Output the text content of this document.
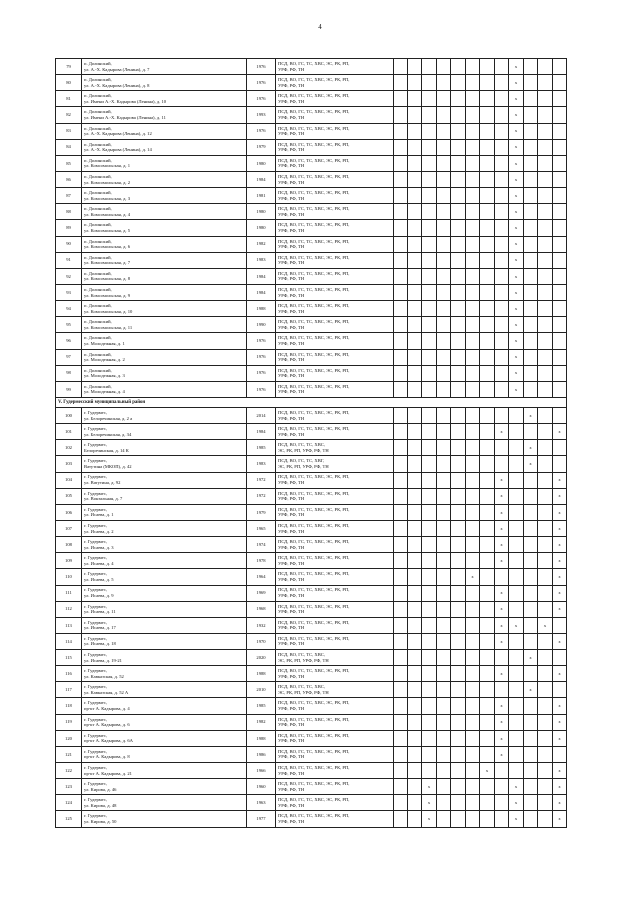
4
79	п. Долинский,
ул. А.-Х. Кадырова (Ленина), д. 7	1976	ПСД, ВО, ГС, ТС, ХВС, ЭС, РК, РП,
УРФ, РФ, ТН									x			
80	п. Долинский,
ул. А.-Х. Кадырова (Ленина), д. 8	1976	ПСД, ВО, ГС, ТС, ХВС, ЭС, РК, РП,
УРФ, РФ, ТН									x			
81	п. Долинский,
ул. Имени А.-Х. Кадырова (Ленина), д. 10	1976	ПСД, ВО, ГС, ТС, ХВС, ЭС, РК, РП,
УРФ, РФ, ТН									x			
82	п. Долинский,
ул. Имени А.-Х. Кадырова (Ленина), д. 11	1993	ПСД, ВО, ГС, ТС, ХВС, ЭС, РК, РП,
УРФ, РФ, ТН									x			
83	п. Долинский,
ул. А.-Х. Кадырова (Ленина), д. 12	1976	ПСД, ВО, ГС, ТС, ХВС, ЭС, РК, РП,
УРФ, РФ, ТН									x			
84	п. Долинский,
ул. А.-Х. Кадырова (Ленина), д. 14	1979	ПСД, ВО, ГС, ТС, ХВС, ЭС, РК, РП,
УРФ, РФ, ТН									x			
85	п. Долинский,
ул. Комсомольская, д. 1	1980	ПСД, ВО, ГС, ТС, ХВС, ЭС, РК, РП,
УРФ, РФ, ТН									x			
86	п. Долинский,
ул. Комсомольская, д. 2	1984	ПСД, ВО, ГС, ТС, ХВС, ЭС, РК, РП,
УРФ, РФ, ТН									x			
87	п. Долинский,
ул. Комсомольская, д. 3	1981	ПСД, ВО, ГС, ТС, ХВС, ЭС, РК, РП,
УРФ, РФ, ТН									x			
88	п. Долинский,
ул. Комсомольская, д. 4	1980	ПСД, ВО, ГС, ТС, ХВС, ЭС, РК, РП,
УРФ, РФ, ТН									x			
89	п. Долинский,
ул. Комсомольская, д. 5	1980	ПСД, ВО, ГС, ТС, ХВС, ЭС, РК, РП,
УРФ, РФ, ТН									x			
90	п. Долинский,
ул. Комсомольская, д. 6	1982	ПСД, ВО, ГС, ТС, ХВС, ЭС, РК, РП,
УРФ, РФ, ТН									x			
91	п. Долинский,
ул. Комсомольская, д. 7	1983	ПСД, ВО, ГС, ТС, ХВС, ЭС, РК, РП,
УРФ, РФ, ТН									x			
92	п. Долинский,
ул. Комсомольская, д. 8	1984	ПСД, ВО, ГС, ТС, ХВС, ЭС, РК, РП,
УРФ, РФ, ТН									x			
93	п. Долинский,
ул. Комсомольская, д. 9	1984	ПСД, ВО, ГС, ТС, ХВС, ЭС, РК, РП,
УРФ, РФ, ТН									x			
94	п. Долинский,
ул. Комсомольская, д. 10	1988	ПСД, ВО, ГС, ТС, ХВС, ЭС, РК, РП,
УРФ, РФ, ТН									x			
95	п. Долинский,
ул. Комсомольская, д. 11	1990	ПСД, ВО, ГС, ТС, ХВС, ЭС, РК, РП,
УРФ, РФ, ТН									x			
96	п. Долинский,
ул. Молодежная, д. 1	1976	ПСД, ВО, ГС, ТС, ХВС, ЭС, РК, РП,
УРФ, РФ, ТН									x			
97	п. Долинский,
ул. Молодежная, д. 2	1976	ПСД, ВО, ГС, ТС, ХВС, ЭС, РК, РП,
УРФ, РФ, ТН									x			
98	п. Долинский,
ул. Молодежная, д. 3	1976	ПСД, ВО, ГС, ТС, ХВС, ЭС, РК, РП,
УРФ, РФ, ТН									x			
99	п. Долинский,
ул. Молодежная, д. 4	1976	ПСД, ВО, ГС, ТС, ХВС, ЭС, РК, РП,
УРФ, РФ, ТН									x			
V. Гудермесский муниципальный район															
100	г. Гудермес,
ул. Белоречинская, д. 2 а	2014	ПСД, ВО, ГС, ТС, ХВС, ЭС, РК, РП,
УРФ, РФ, ТН										x		
101	г. Гудермес,
ул. Белоречинская, д. 34	1984	ПСД, ВО, ГС, ТС, ХВС, ЭС, РК, РП,
УРФ, РФ, ТН								x				x
102	г. Гудермес,
Белоречинская, д. 14 К	1985	ПСД, ВО, ГС, ТС, ХВС,
ЭС, РК, РП, УРФ, РФ, ТН										x		
103	г. Гудермес,
Ватутина (МКОП), д. 42	1983	ПСД, ВО, ГС, ТС, ХВГ,
ЭС, РК, РП, УРФ, РФ, ТН										x		
104	г. Гудермес,
ул. Ватутина, д. 92	1972	ПСД, ВО, ГС, ТС, ХВС, ЭС, РК, РП,
УРФ, РФ, ТН								x				x
105	г. Гудермес,
ул. Вокзальная, д. 7	1972	ПСД, ВО, ГС, ТС, ХВС, ЭС, РК, РП,
УРФ, РФ, ТН								x				x
106	г. Гудермес,
ул. Исаева, д. 1	1979	ПСД, ВО, ГС, ТС, ХВС, ЭС, РК, РП,
УРФ, РФ, ТН								x				x
107	г. Гудермес,
ул. Исаева, д. 2	1965	ПСД, ВО, ГС, ТС, ХВС, ЭС, РК, РП,
УРФ, РФ, ТН								x				x
108	г. Гудермес,
ул. Исаева, д. 3	1974	ПСД, ВО, ГС, ТС, ХВС, ЭС, РК, РП,
УРФ, РФ, ТН								x				x
109	г. Гудермес,
ул. Исаева, д. 4	1978	ПСД, ВО, ГС, ТС, ХВС, ЭС, РК, РП,
УРФ, РФ, ТН								x				x
110	г. Гудермес,
ул. Исаева, д. 5	1964	ПСД, ВО, ГС, ТС, ХВС, ЭС, РК, РП,
УРФ, РФ, ТН						x						x
111	г. Гудермес,
ул. Исаева, д. 9	1969	ПСД, ВО, ГС, ТС, ХВС, ЭС, РК, РП,
УРФ, РФ, ТН								x				x
112	г. Гудермес,
ул. Исаева, д. 11	1968	ПСД, ВО, ГС, ТС, ХВС, ЭС, РК, РП,
УРФ, РФ, ТН								x				x
113	г. Гудермес,
ул. Исаева, д. 17	1932	ПСД, ВО, ГС, ТС, ХВС, ЭС, РК, РП,
УРФ, РФ, ТН								x	x		x	
114	г. Гудермес,
ул. Исаева, д. 18	1970	ПСД, ВО, ГС, ТС, ХВС, ЭС, РК, РП,
УРФ, РФ, ТН								x				x
115	г. Гудермес,
ул. Исаева, д. 19-21	2020	ПСД, ВО, ГС, ТС, ХВС,
ЭС, РК, РП, УРФ, РФ, ТН										x		
116	г. Гудермес,
ул. Кавказская, д. 52	1988	ПСД, ВО, ГС, ТС, ХВС, ЭС, РК, РП,
УРФ, РФ, ТН								x				x
117	г. Гудермес,
ул. Кавказская, д. 52 А	2010	ПСД, ВО, ГС, ТС, ХВС,
ЭС, РК, РП, УРФ, РФ, ТН										x		
118	г. Гудермес,
пр-кт А. Кадырова, д. 4	1985	ПСД, ВО, ГС, ТС, ХВС, ЭС, РК, РП,
УРФ, РФ, ТН								x				x
119	г. Гудермес,
пр-кт А. Кадырова, д. 6	1982	ПСД, ВО, ГС, ТС, ХВС, ЭС, РК, РП,
УРФ, РФ, ТН								x				x
120	г. Гудермес,
пр-кт А. Кадырова, д. 6А	1988	ПСД, ВО, ГС, ТС, ХВС, ЭС, РК, РП,
УРФ, РФ, ТН								x				x
121	г. Гудермес,
пр-кт А. Кадырова, д. 8	1986	ПСД, ВО, ГС, ТС, ХВС, ЭС, РК, РП,
УРФ, РФ, ТН								x				
122	г. Гудермес,
пр-кт А. Кадырова, д. 21	1966	ПСД, ВО, ГС, ТС, ХВС, ЭС, РК, РП,
УРФ, РФ, ТН							x					x
123	г. Гудермес,
ул. Кирова, д. 46	1960	ПСД, ВО, ГС, ТС, ХВС, ЭС, РК, РП,
УРФ, РФ, ТН			x						x			x
124	г. Гудермес,
ул. Кирова, д. 48	1963	ПСД, ВО, ГС, ТС, ХВС, ЭС, РК, РП,
УРФ, РФ, ТН			x						x			x
125	г. Гудермес,
ул. Кирова, д. 50	1977	ПСД, ВО, ГС, ТС, ХВС, ЭС, РК, РП,
УРФ, РФ, ТН			x						x			x
